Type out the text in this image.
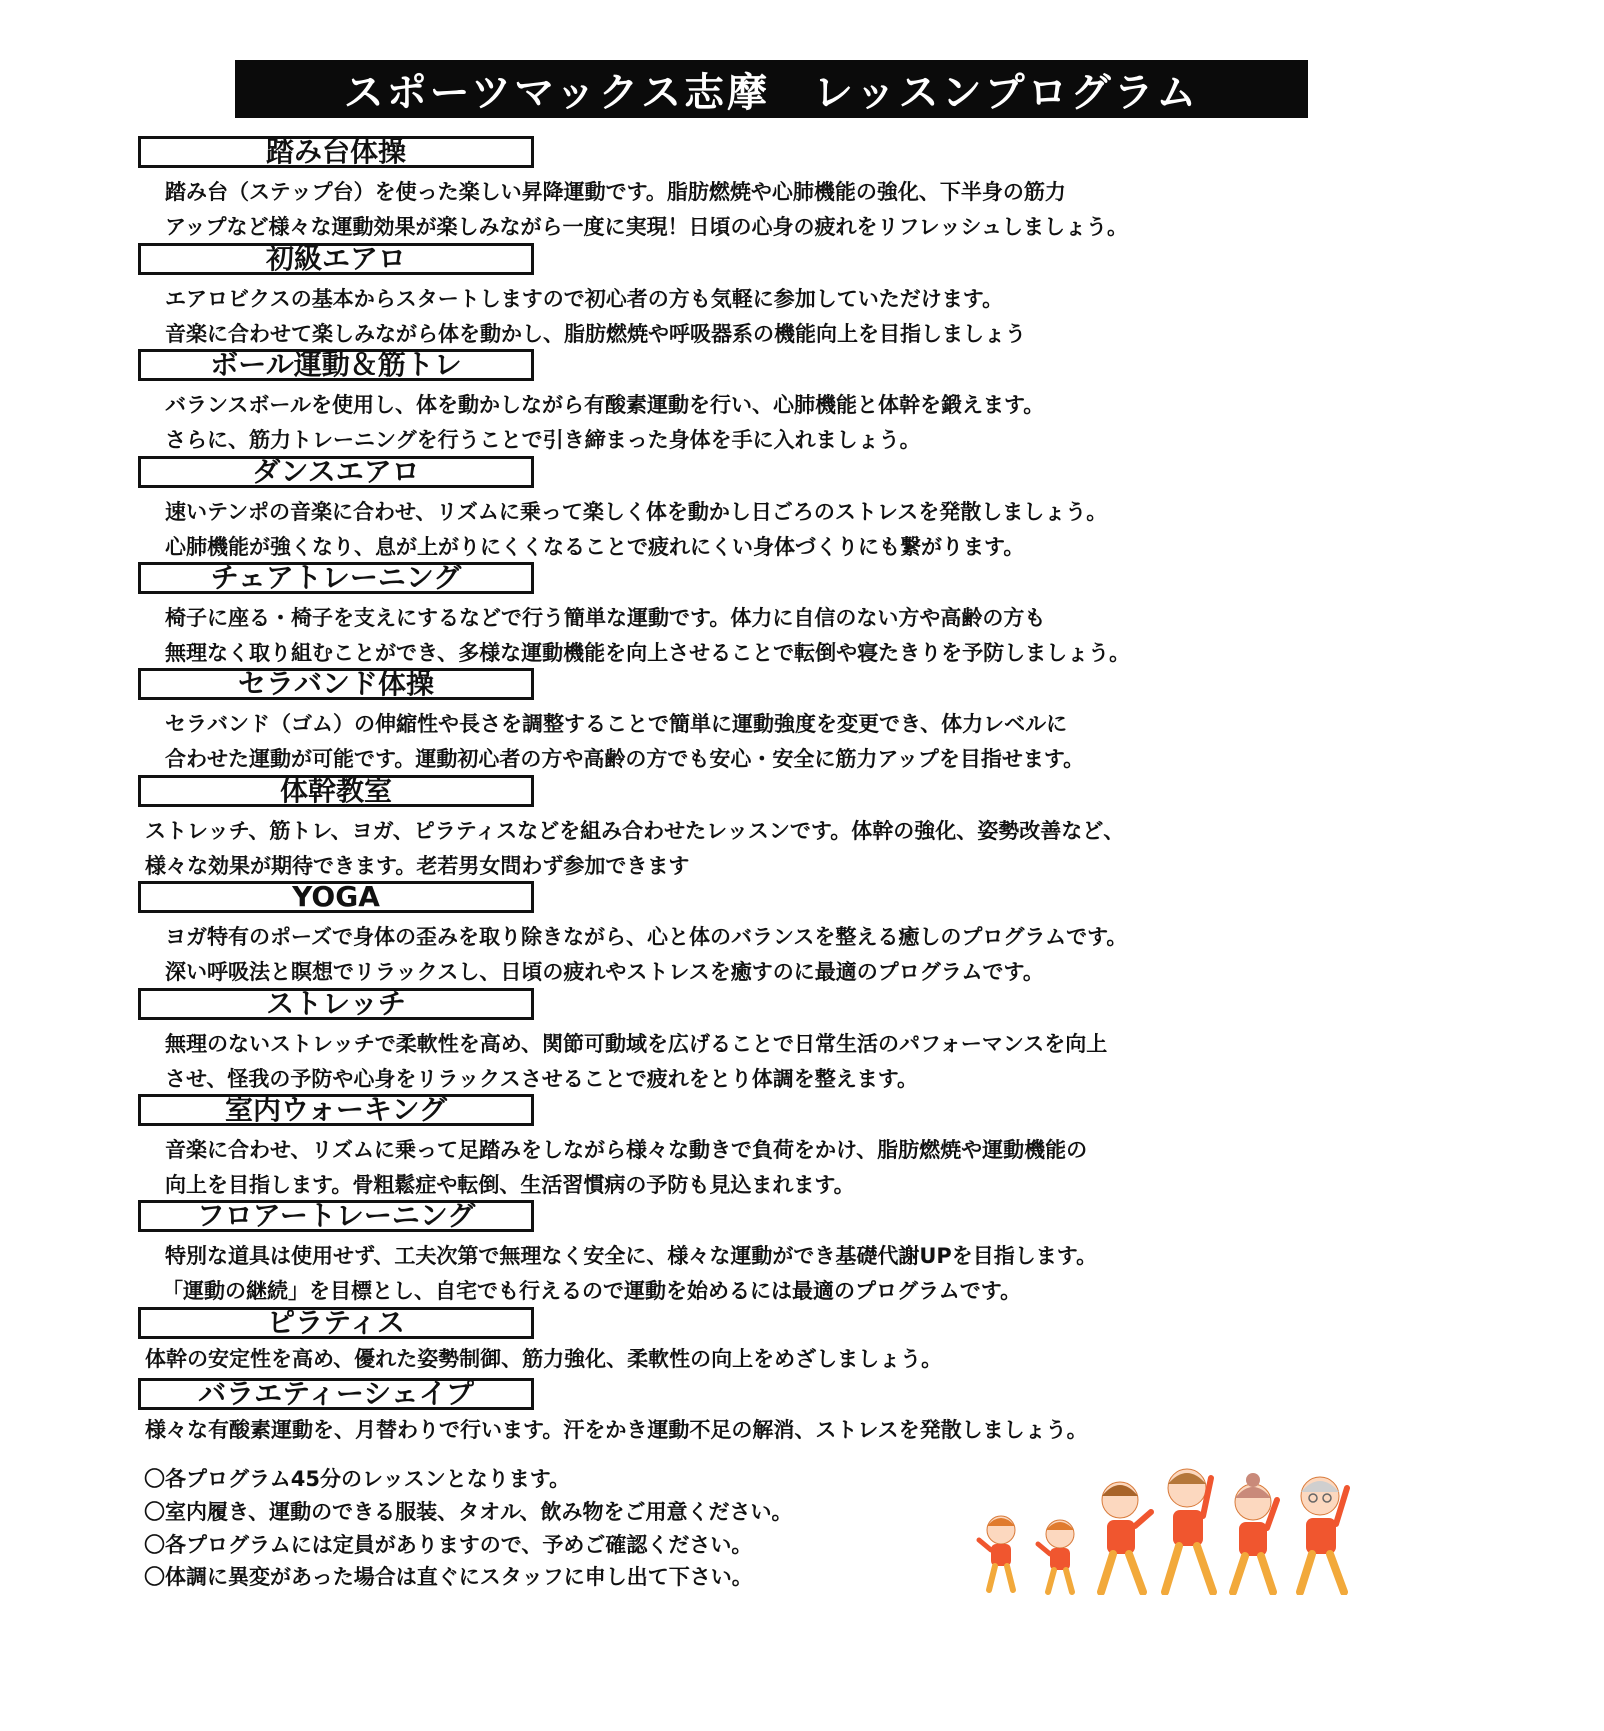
スポーツマックス志摩　レッスンプログラム
踏み台体操
踏み台（ステップ台）を使った楽しい昇降運動です。脂肪燃焼や心肺機能の強化、下半身の筋力
アップなど様々な運動効果が楽しみながら一度に実現！日頃の心身の疲れをリフレッシュしましょう。
初級エアロ
エアロビクスの基本からスタートしますので初心者の方も気軽に参加していただけます。
音楽に合わせて楽しみながら体を動かし、脂肪燃焼や呼吸器系の機能向上を目指しましょう
ボール運動＆筋トレ
バランスボールを使用し、体を動かしながら有酸素運動を行い、心肺機能と体幹を鍛えます。
さらに、筋力トレーニングを行うことで引き締まった身体を手に入れましょう。
ダンスエアロ
速いテンポの音楽に合わせ、リズムに乗って楽しく体を動かし日ごろのストレスを発散しましょう。
心肺機能が強くなり、息が上がりにくくなることで疲れにくい身体づくりにも繋がります。
チェアトレーニング
椅子に座る・椅子を支えにするなどで行う簡単な運動です。体力に自信のない方や高齢の方も
無理なく取り組むことができ、多様な運動機能を向上させることで転倒や寝たきりを予防しましょう。
セラバンド体操
セラバンド（ゴム）の伸縮性や長さを調整することで簡単に運動強度を変更でき、体力レベルに
合わせた運動が可能です。運動初心者の方や高齢の方でも安心・安全に筋力アップを目指せます。
体幹教室
ストレッチ、筋トレ、ヨガ、ピラティスなどを組み合わせたレッスンです。体幹の強化、姿勢改善など、
様々な効果が期待できます。老若男女問わず参加できます
YOGA
ヨガ特有のポーズで身体の歪みを取り除きながら、心と体のバランスを整える癒しのプログラムです。
深い呼吸法と瞑想でリラックスし、日頃の疲れやストレスを癒すのに最適のプログラムです。
ストレッチ
無理のないストレッチで柔軟性を高め、関節可動域を広げることで日常生活のパフォーマンスを向上
させ、怪我の予防や心身をリラックスさせることで疲れをとり体調を整えます。
室内ウォーキング
音楽に合わせ、リズムに乗って足踏みをしながら様々な動きで負荷をかけ、脂肪燃焼や運動機能の
向上を目指します。骨粗鬆症や転倒、生活習慣病の予防も見込まれます。
フロアートレーニング
特別な道具は使用せず、工夫次第で無理なく安全に、様々な運動ができ基礎代謝UPを目指します。
「運動の継続」を目標とし、自宅でも行えるので運動を始めるには最適のプログラムです。
ピラティス
体幹の安定性を高め、優れた姿勢制御、筋力強化、柔軟性の向上をめざしましょう。
バラエティーシェイプ
様々な有酸素運動を、月替わりで行います。汗をかき運動不足の解消、ストレスを発散しましょう。
〇各プログラム45分のレッスンとなります。
〇室内履き、運動のできる服装、タオル、飲み物をご用意ください。
〇各プログラムには定員がありますので、予めご確認ください。
〇体調に異変があった場合は直ぐにスタッフに申し出て下さい。
